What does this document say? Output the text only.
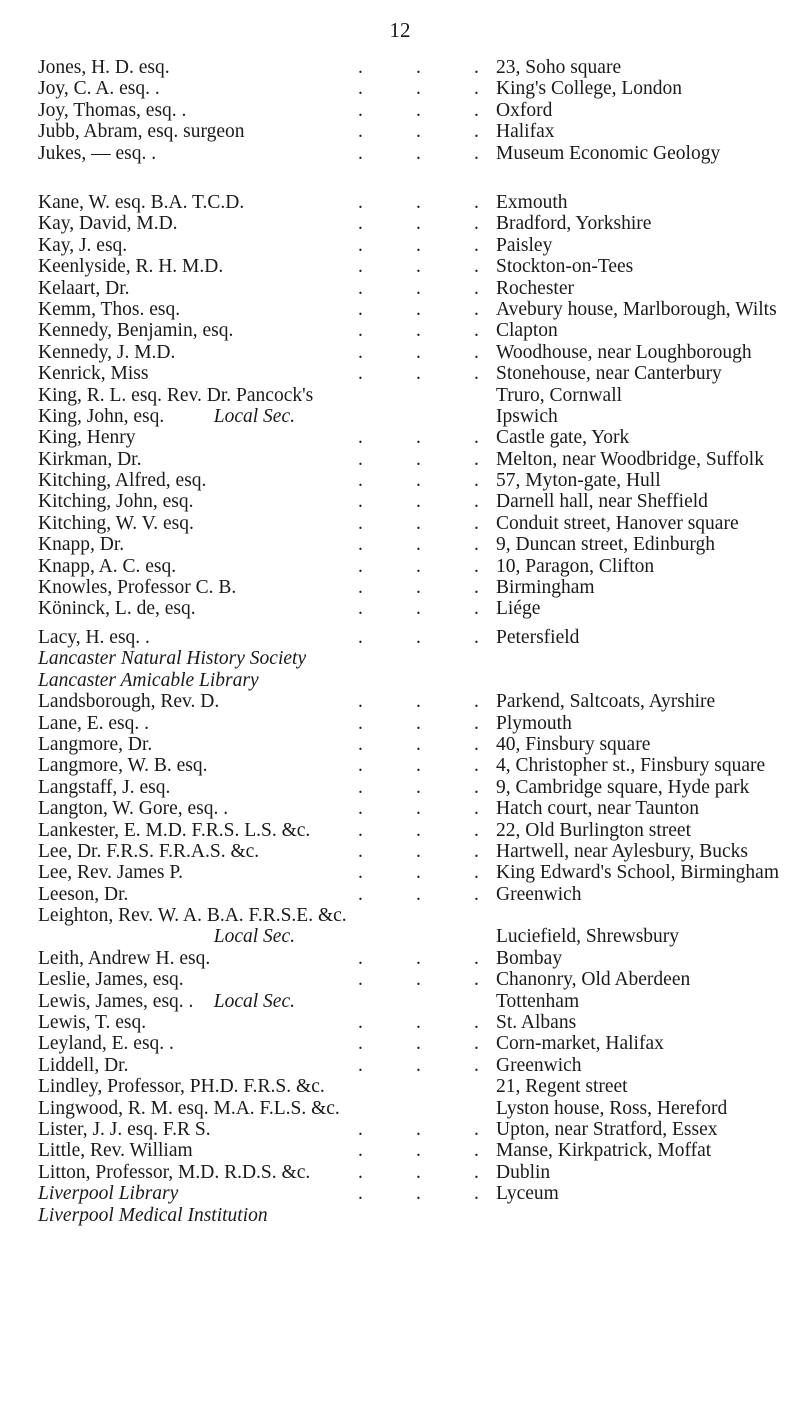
12
Jones, H. D. esq.	.	.	. 23, Soho square
Joy, C. A. esq. .	.	.	. King's College, London
Joy, Thomas, esq. .	.	.	. Oxford
Jubb, Abram, esq. surgeon	.	.	. Halifax
Jukes, — esq. .	.	.	. Museum Economic Geology
Kane, W. esq. B.A. T.C.D.	.	.	. Exmouth
Kay, David, M.D.	.	.	. Bradford, Yorkshire
Kay, J. esq.	.	.	. Paisley
Keenlyside, R. H. M.D.	.	.	. Stockton-on-Tees
Kelaart, Dr.	.	.	. Rochester
Kemm, Thos. esq.	.	.	. Avebury house, Marlborough, Wilts
Kennedy, Benjamin, esq.	.	.	. Clapton
Kennedy, J. M.D.	.	.	. Woodhouse, near Loughborough
Kenrick, Miss	.	.	. Stonehouse, near Canterbury
King, R. L. esq. Rev. Dr. Pancock's	Truro, Cornwall
King, John, esq.	Local Sec.	Ipswich
King, Henry	.	.	. Castle gate, York
Kirkman, Dr.	.	.	. Melton, near Woodbridge, Suffolk
Kitching, Alfred, esq.	.	.	. 57, Myton-gate, Hull
Kitching, John, esq.	.	.	. Darnell hall, near Sheffield
Kitching, W. V. esq.	.	.	. Conduit street, Hanover square
Knapp, Dr.	.	.	. 9, Duncan street, Edinburgh
Knapp, A. C. esq.	.	.	. 10, Paragon, Clifton
Knowles, Professor C. B.	.	.	. Birmingham
Köninck, L. de, esq.	.	.	. Liége
Lacy, H. esq. .	.	.	. Petersfield
Lancaster Natural History Society
Lancaster Amicable Library
Landsborough, Rev. D.	.	.	. Parkend, Saltcoats, Ayrshire
Lane, E. esq. .	.	.	. Plymouth
Langmore, Dr.	.	.	. 40, Finsbury square
Langmore, W. B. esq.	.	.	. 4, Christopher st., Finsbury square
Langstaff, J. esq.	.	.	. 9, Cambridge square, Hyde park
Langton, W. Gore, esq. .	.	.	. Hatch court, near Taunton
Lankester, E. M.D. F.R.S. L.S. &c. .	.	. 22, Old Burlington street
Lee, Dr. F.R.S. F.R.A.S. &c.	.	.	. Hartwell, near Aylesbury, Bucks
Lee, Rev. James P.	.	.	. King Edward's School, Birmingham
Leeson, Dr.	.	.	. Greenwich
Leighton, Rev. W. A. B.A. F.R.S.E. &c.
Local Sec.	Luciefield, Shrewsbury
Leith, Andrew H. esq.	.	.	. Bombay
Leslie, James, esq.	.	.	. Chanonry, Old Aberdeen
Lewis, James, esq. . Local Sec.	Tottenham
Lewis, T. esq.	.	.	. St. Albans
Leyland, E. esq. .	.	.	. Corn-market, Halifax
Liddell, Dr.	.	.	. Greenwich
Lindley, Professor, PH.D. F.R.S. &c.	21, Regent street
Lingwood, R. M. esq. M.A. F.L.S. &c.	Lyston house, Ross, Hereford
Lister, J. J. esq. F.R S.	.	.	. Upton, near Stratford, Essex
Little, Rev. William	.	.	. Manse, Kirkpatrick, Moffat
Litton, Professor, M.D. R.D.S. &c. .	.	. Dublin
Liverpool Library	.	.	. Lyceum
Liverpool Medical Institution
